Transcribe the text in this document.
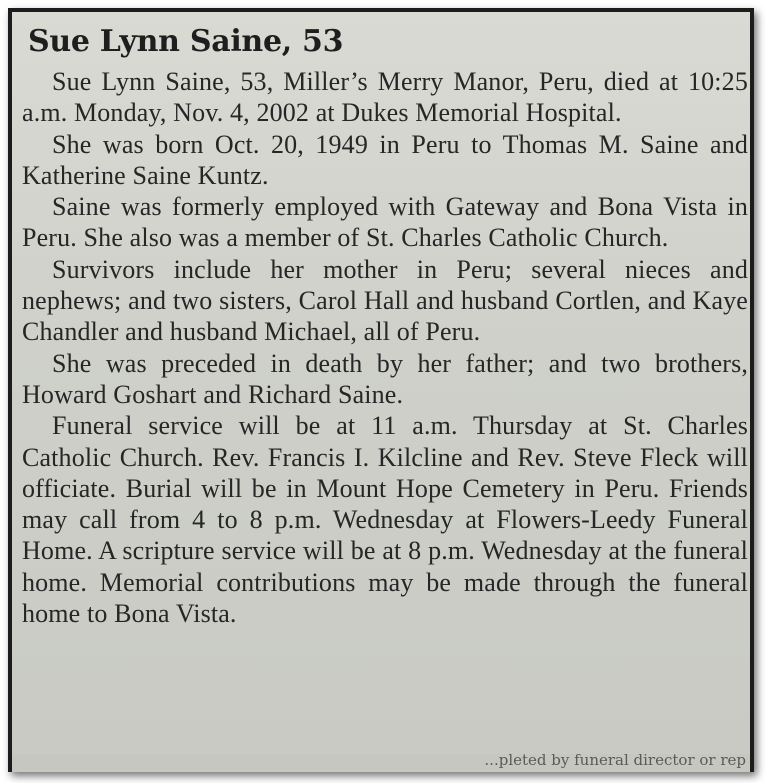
Sue Lynn Saine, 53

Sue Lynn Saine, 53, Miller’s Merry Manor, Peru, died at 10:25 a.m. Monday, Nov. 4, 2002 at Dukes Memorial Hospital.

She was born Oct. 20, 1949 in Peru to Thomas M. Saine and Katherine Saine Kuntz.

Saine was formerly employed with Gateway and Bona Vista in Peru. She also was a member of St. Charles Catholic Church.

Survivors include her mother in Peru; several nieces and nephews; and two sisters, Carol Hall and husband Cortlen, and Kaye Chandler and husband Michael, all of Peru.

She was preceded in death by her father; and two brothers, Howard Goshart and Richard Saine.

Funeral service will be at 11 a.m. Thursday at St. Charles Catholic Church. Rev. Francis I. Kilcline and Rev. Steve Fleck will officiate. Burial will be in Mount Hope Cemetery in Peru. Friends may call from 4 to 8 p.m. Wednesday at Flowers-Leedy Funeral Home. A scripture service will be at 8 p.m. Wednesday at the funeral home. Memorial contributions may be made through the funeral home to Bona Vista.

...pleted by funeral director or rep
